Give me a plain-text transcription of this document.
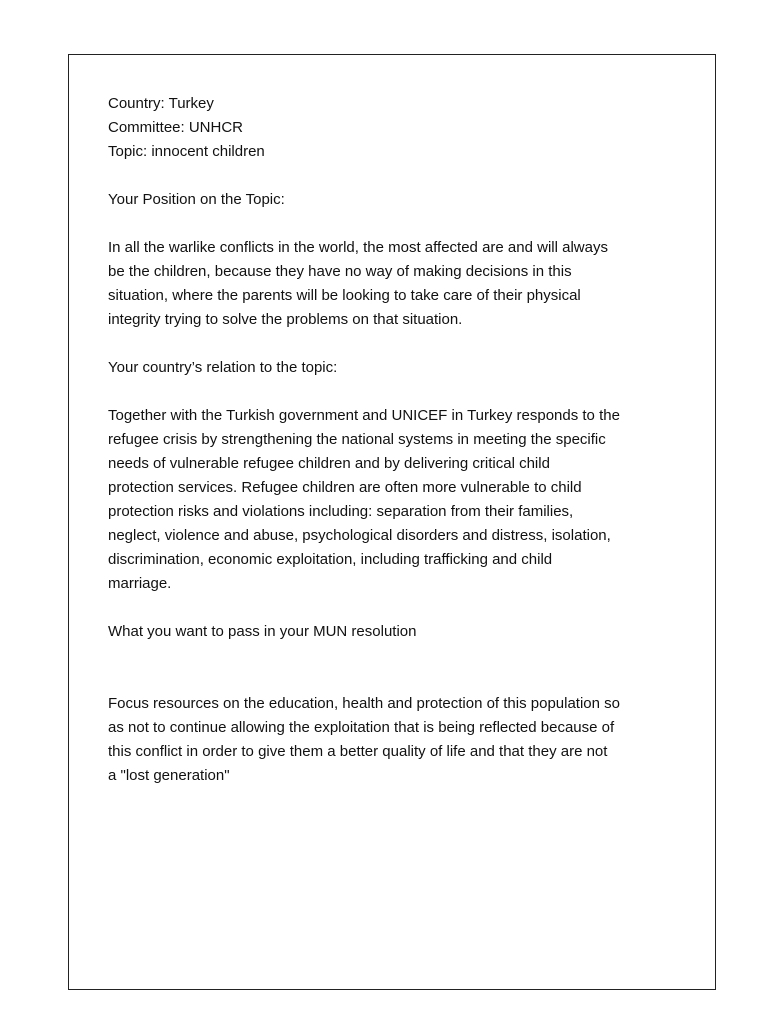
Country: Turkey
Committee: UNHCR
Topic: innocent children
Your Position on the Topic:
In all the warlike conflicts in the world, the most affected are and will always
be the children, because they have no way of making decisions in this
situation, where the parents will be looking to take care of their physical
integrity trying to solve the problems on that situation.
Your country’s relation to the topic:
Together with the Turkish government and UNICEF in Turkey responds to the
refugee crisis by strengthening the national systems in meeting the specific
needs of vulnerable refugee children and by delivering critical child
protection services. Refugee children are often more vulnerable to child
protection risks and violations including: separation from their families,
neglect, violence and abuse, psychological disorders and distress, isolation,
discrimination, economic exploitation, including trafficking and child
marriage.
What you want to pass in your MUN resolution
Focus resources on the education, health and protection of this population so
as not to continue allowing the exploitation that is being reflected because of
this conflict in order to give them a better quality of life and that they are not
a "lost generation"
